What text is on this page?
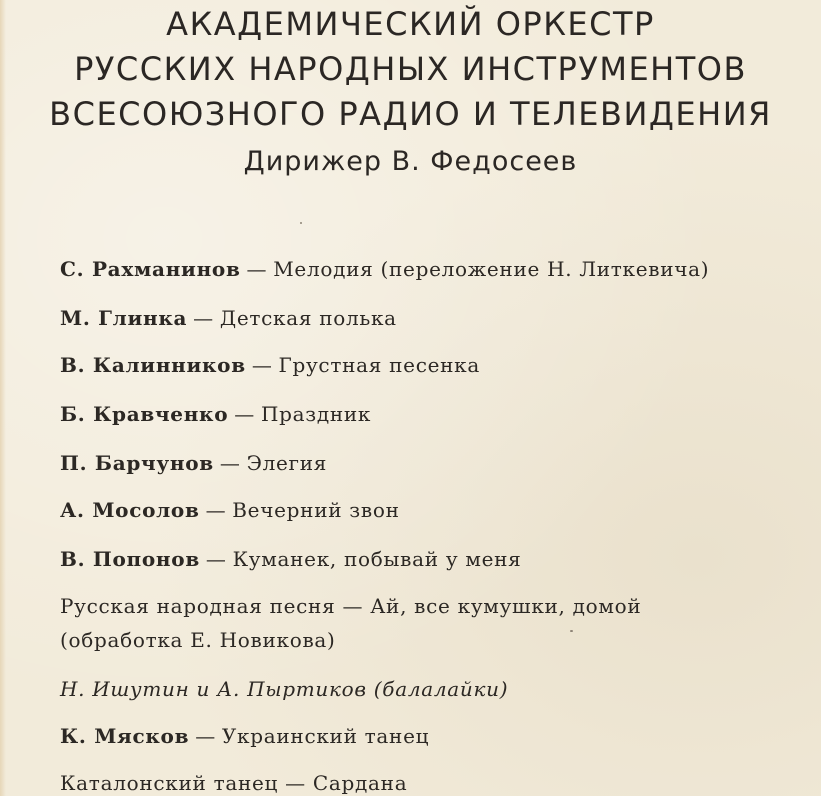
АКАДЕМИЧЕСКИЙ ОРКЕСТР
РУССКИХ НАРОДНЫХ ИНСТРУМЕНТОВ
ВСЕСОЮЗНОГО РАДИО И ТЕЛЕВИДЕНИЯ
Дирижер В. Федосеев
С. Рахманинов — Мелодия (переложение Н. Литкевича)
М. Глинка — Детская полька
В. Калинников — Грустная песенка
Б. Кравченко — Праздник
П. Барчунов — Элегия
А. Мосолов — Вечерний звон
В. Попонов — Куманек, побывай у меня
Русская народная песня — Ай, все кумушки, домой
(обработка Е. Новикова)
Н. Ишутин и А. Пыртиков (балалайки)
К. Мясков — Украинский танец
Каталонский танец — Сардана
